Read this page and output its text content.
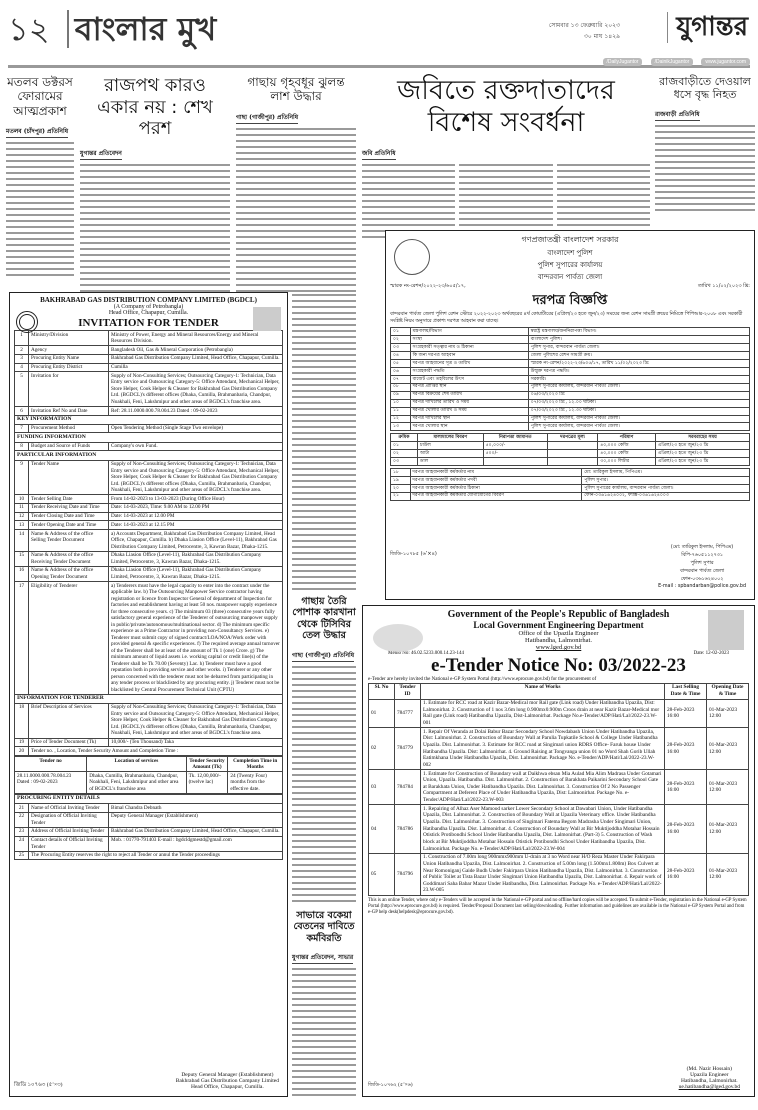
১২ বাংলার মুখ	সোমবার ১৩ ফেব্রুয়ারি ২০২৩
৩০ মাঘ ১৪২৯	যুগান্তর
/DailyJugantor	/DainikJugantor	www.jugantor.com
মতলব ডক্টরস ফোরামের আত্মপ্রকাশ
মতলব (চাঁদপুর) প্রতিনিধি
রাজপথ কারও একার নয় : শেখ পরশ
যুগান্তর প্রতিবেদন
গাছায় গৃহবধূর ঝুলন্ত লাশ উদ্ধার
গাছা (গাজীপুর) প্রতিনিধি
গাছায় তৈরি পোশাক কারখানা থেকে টিসিবির তেল উদ্ধার
গাছা (গাজীপুর) প্রতিনিধি
সাভারে বকেয়া বেতনের দাবিতে কর্মবিরতি
যুগান্তর প্রতিবেদন, সাভার
জবিতে রক্তদাতাদের বিশেষ সংবর্ধনা
জবি প্রতিনিধি
রাজবাড়ীতে দেওয়াল ধসে বৃদ্ধ নিহত
রাজবাড়ী প্রতিনিধি
BAKHRABAD GAS DISTRIBUTION COMPANY LIMITED (BGDCL)
(A Company of Petrobangla)
Head Office, Chapapur, Cumilla.
INVITATION FOR TENDER
1	Ministry/Division	Ministry of Power, Energy and Mineral Resources/Energy and Mineral Resources Division.
2	Agency	Bangladesh Oil, Gas & Mineral Corporation (Petrobangla)
3	Procuring Entity Name	Bakhrabad Gas Distribution Company Limited, Head Office, Chapapur, Cumilla.
4	Procuring Entity District	Cumilla
5	Invitation for	Supply of Non-Consulting Services; Outsourcing Category-1: Technician, Data Entry service and Outsourcing Category-5: Office Attendant, Mechanical Helper, Store Helper, Cook Helper & Cleaner for Bakhrabad Gas Distribution Company Ltd. (BGDCL)'s different offices (Dhaka, Cumilla, Brahmanbaria, Chandpur, Noakhali, Feni, Lakshmipur and other areas of BGDCL's franchise area.
6	Invitation Ref No and Date	Ref: 28.11.0000.000.78.004.23 Dated : 09-02-2023
KEY INFORMATION		
7	Procurement Method	Open Tendering Method (Single Stage Two envelope)
FUNDING INFORMATION		
8	Budget and Source of Funds	Company's own Fund.
PARTICULAR INFORMATION		
9	Tender Name	Supply of Non-Consulting Services; Outsourcing Category-1: Technician, Data Entry service and Outsourcing Category-5: Office Attendant, Mechanical Helper, Store Helper, Cook Helper & Cleaner for Bakhrabad Gas Distribution Company Ltd. (BGDCL)'s different offices (Dhaka, Cumilla, Brahmanbaria, Chandpur, Noakhali, Feni, Lakshmipur and other areas of BGDCL's franchise area.
10	Tender Selling Date	From 14-02-2023 to 13-03-2023 (During Office Hour)
11	Tender Receiving Date and Time	Date: 14-03-2023, Time: 9.00 AM to 12.00 PM
12	Tender Closing Date and Time	Date: 14-03-2023 at 12.00 PM
13	Tender Opening Date and Time	Date: 14-03-2023 at 12.15 PM
14	Name & Address of the office Selling Tender Document	a) Accounts Department, Bakhrabad Gas Distribution Company Limited, Head Office, Chapapur, Cumilla. b) Dhaka Liasion Office (Level-11), Bakhrabad Gas Distribution Company Limited, Petrocentre, 3, Kawran Bazar, Dhaka-1215.
15	Name & Address of the office Receiving Tender Document	Dhaka Liasion Office (Level-11), Bakhrabad Gas Distribution Company Limited, Petrocentre, 3, Kawran Bazar, Dhaka-1215.
16	Name & Address of the office Opening Tender Document	Dhaka Liasion Office (Level-11), Bakhrabad Gas Distribution Company Limited, Petrocentre, 3, Kawran Bazar, Dhaka-1215.
17	Eligibility of Tenderer	a) Tenderers must have the legal capacity to enter into the contract under the applicable law. b) The Outsourcing Manpower Service contractor having registration or licence from Inspector General of department of Inspection for factories and establishment having at least 50 nos. manpower supply experience for three consecutive years. c) The minimum 03 (three) consecutive years fully satisfactory general experience of the Tenderer of outsourcing manpower supply in public/private/autonomous/multinational sector. d) The minimum specific experience as a Prime Contractor in providing non-Consultancy Services. e) Tenderer must submit copy of signed contract/LOA/NOA/Work order with provided general & specific experiences. f) The required average annual turnover of the Tenderer shall be at least of the amount of Tk 1 (one) Crore. g) The minimum amount of liquid assets i.e. working capital or credit line(s) of the Tenderer shall be Tk 70.00 (Seventy) Lac. h) Tenderer must have a good reputation both in providing service and other works. i) Tenderer or any other person concerned with the tenderer must not be debarred from participating in any tender process or blacklisted by any procuring entity. j) Tenderer must not be blacklisted by Central Procurement Technical Unit (CPTU)
INFORMATION FOR TENDERER		
18	Brief Description of Services	Supply of Non-Consulting Services; Outsourcing Category-1: Technician, Data Entry service and Outsourcing Category-5: Office Attendant, Mechanical Helper, Store Helper, Cook Helper & Cleaner for Bakhrabad Gas Distribution Company Ltd. (BGDCL)'s different offices (Dhaka, Cumilla, Brahmanbaria, Chandpur, Noakhali, Feni, Lakshmipur and other areas of BGDCL's franchise area.
19	Price of Tender Document (Tk)	10,000/- (Ten Thousand) Taka
20	Tender no. , Location, Tender Security Amount and Completion Time :	
Tender no	Location of services	Tender Security Amount (Tk)	Completion Time in Months
28.11.0000.000.78.004.23 Dated : 09-02-2023	Dhaka, Cumilla, Brahmanbaria, Chandpur, Noakhali, Feni, Lakshmipur and other area of BGDCL's franchise area	Tk. 12,00,000/- (twelve lac)	24 (Twenty Four) months from the effective date.
PROCURING ENTITY DETAILS		
21	Name of Official Inviting Tender	Bimal Chandra Debnath
22	Designation of Official Inviting Tender	Deputy General Manager (Establishment)
23	Address of Official Inviting Tender	Bakhrabad Gas Distribution Company Limited, Head Office, Chapapur, Cumilla.
24	Contact details of Official Inviting Tender	Mob. : 01770-791403 E-mail : bgdcldgmestd@gmail.com
25	The Procuring Entity reserves the right to reject all Tender or annul the Tender proceedings	
Deputy General Manager (Establishment)
Bakhrabad Gas Distribution Company Limited
Head Office, Chapapur, Cumilla.
জিডি ১০৭৬৩ (৫’×৩)
গণপ্রজাতন্ত্রী বাংলাদেশ সরকার
বাংলাদেশ পুলিশ
পুলিশ সুপারের কার্যালয়
বান্দরবান পার্বত্য জেলা
স্মারক নং-রেশন/২০২২-২৩/৬০৫/১৭,	তারিখ ১১/০২/২০২৩ খ্রি:
দরপত্র বিজ্ঞপ্তি
বান্দরবান পার্বত্য জেলা পুলিশ রেশন স্টোরে ২০২২-২০২৩ অর্থবছরের ৪র্থ কোয়ার্টারের (এপ্রিল/২৩ হতে জুন/২৩) সময়ের জন্য রেশন সামগ্রী ক্রয়ের নিমিত্তে পিপিআর-২০০৮ এবং সরকারী সংশ্লিষ্ট নিয়ম অনুসারে প্রকাশ্য দরপত্র আহবান করা যাচ্ছে।
০১	মন্ত্রণালয়/বিভাগ	স্বরাষ্ট্র মন্ত্রণালয়/জননিরাপত্তা বিভাগ।
০২	সংস্থা	বাংলাদেশ পুলিশ।
০৩	সংগ্রহকারী সত্ত্বার নাম ও ঠিকানা	পুলিশ সুপার, বান্দরবান পার্বত্য জেলা।
০৪	কি জন্য দরপত্র আহবান	জেলা পুলিশের রেশন সামগ্রী ক্রয়।
০৫	দরপত্র আহবানের সূত্র ও তারিখ	স্মারক নং-রেশন/২০২২-২৩/৬০৫/১৭, তারিখ ১১/০২/২০২৩ খ্রি:
০৬	সংগ্রহকারী পদ্ধতি	উন্মুক্ত দরপত্র পদ্ধতি।
০৭	বাজেট এবং তহবিলের উৎস	সরকারি।
০৮	দরপত্র প্রাপ্তির স্থান	পুলিশ সুপারের কার্যালয়, বান্দরবান পার্বত্য জেলা।
০৯	দরপত্র বিক্রয়ের শেষ তারিখ	০৬/০৩/২০২৩ খ্রি:
১০	দরপত্র দাখিলের তারিখ ও সময়	০৭/০৩/২০২৩ খ্রি:, ১২.০০ ঘটিকা।
১১	দরপত্র খোলার তারিখ ও সময়	০৭/০৩/২০২৩ খ্রি:, ১২.৩০ ঘটিকা।
১২	দরপত্র দাখিলের স্থান	পুলিশ সুপারের কার্যালয়, বান্দরবান পার্বত্য জেলা।
১৩	দরপত্র খোলার স্থান	পুলিশ সুপারের কার্যালয়, বান্দরবান পার্বত্য জেলা।
ক্রমিক	মালামালের বিবরণ	নিরাপত্তা জামানত	দরপত্রের মূল্য	পরিমাণ	সরবরাহের সময়
০১	চাউল	৫০,০০০/-		৪০,০০০ কেজি	এপ্রিল/২৩ হতে জুন/২৩ খ্রি
০২	আটা	৫০০/-		৪০,০০০ কেজি	এপ্রিল/২৩ হতে জুন/২৩ খ্রি
০৩	ডাল			৩০,০০০ লিটার	এপ্রিল/২৩ হতে জুন/২৩ খ্রি
১৮	দরপত্র আহবানকারী কর্মকর্তার নাম	মো: তারিকুল ইসলাম, পিপিএম।
১৯	দরপত্র আহবানকারী কর্মকর্তার পদবী	পুলিশ সুপার।
২০	দরপত্র আহবানকারী কর্মকর্তার ঠিকানা	পুলিশ সুপারের কার্যালয়, বান্দরবান পার্বত্য জেলা।
২১	দরপত্র আহবানকারী কর্মকর্তার যোগাযোগের বিবরণ	ফোন-০৩৬১৬২৪০০২, ফ্যাক্স-০৩৬১৬২৪০০৩
(মো: তারিকুল ইসলাম, পিপিএম)
বিপি-৭৬০৫১১২৭৩১
পুলিশ সুপার
বান্দরবান পার্বত্য জেলা
ফোন-০৩৬১৬২৪০০২
E-mail : spbandarban@police.gov.bd
জিডি-১০৭৮৫ (৬’×৪)
Government of the People's Republic of Bangladesh
Local Government Engineering Department
Office of the Upazila Engineer
Hatibandha, Lalmonirhat.
www.lged.gov.bd
Memo No: 46.02.5233.000.14.23-144	Date: 12-02-2023
e-Tender Notice No: 03/2022-23
e-Tender are hereby invited the National e-GP System Portal (http://www.eprocure.gov.bd) for the procurement of
Sl. No	Tender ID	Name of Works	Last Selling Date & Time	Opening Date & Time
01	784777	1. Estimate for RCC road at Kazir Bazar-Medical mor Rail gate (Link road) Under Hatibandha Upazila, Dist: Lalmonirhat. 2. Construction of 1 nos 3.6m long 0.900mx0.900m Croos drain at near Kazir Bazar-Medical mor Rail gate (Link road) Hatibandha Upazila, Dist-Lalmonirhat. Package No.e-Tender/ADP/Hati/Lal/2022-23.W-001	28-Feb-2023 16:00	01-Mar-2023 12:00
02	784779	1. Repair Of Veranda at Dolai Babur Bazar Secondary School Nowdabash Union Under Hatibandha Upazila, Dist: Lalmonirhat. 2. Construction of Boundary Wall at Parulia Tupkatile School & College Under Hatibandha Upazila. Dist. Lalmonirhat. 3. Estimate for RCC road at Singimari union RDRS Office- Faruk house Under Hatibandha Upazila. Dist: Lalmonirhat. 4. Ground Raising at Tongvanga union 01 no Word Shah Gorib Ullah Eatimkhana Under Hatibandha Upazila, Dist. Lalmonirhat. Package No. e-Tender/ADP/Hati/Lal/2022-23.W-002	28-Feb-2023 16:00	01-Mar-2023 12:00
03	784784	1. Estimate for Construction of Boundary wall at Daikhwa ebsan Mia Aulad Mia Alim Madrasa Under Gotamari Union, Upazila. Hatibandha. Dist. Lalmonirhat. 2. Construction of Barakhata Paikarini Secondary School Gate at Barakhata Union, Under Hatibandha Upazila. Dist. Lalmonirhat. 3. Construction Of 2 No Passenger Compartment at Deferent Place of Under Hatibandha Upazila, Dist: Lalmonirhat. Package No. e-Tender/ADP/Hati/Lal/2022-23.W-003	28-Feb-2023 16:00	01-Mar-2023 12:00
04	784786	1. Repairing of Alhaz Aser Mamood sarker Lower Secondary School at Dawabari Union, Under Hatibandha Upazila, Dist. Lalmonirhat. 2. Construction of Boundary Wall at Upazila Veterinary office. Under Hatibandha Upazila. Dist. Lalmonirhat. 3. Construction of Singimari Fatema Begom Madrasha Under Singimari Union, Hatibandha Upazila. Dist. Lalmonirhat. 4. Construction of Boundary Wall at Bir Muktijoddha Motahar Hossain Otistick Protibondhi School Under Hatibandha Upazila, Dist. Lalmonirhat. (Part-3) 5. Construction of Wash block at Bir Muktijoddha Motahar Hossain Otistick Protibondhi School Under Hatibandha Upazila, Dist. Lalmonirhat. Package No. e-Tender/ADP/Hati/Lal/2022-23.W-004	28-Feb-2023 16:00	01-Mar-2023 12:00
05	784796	1. Construction of 7.00m long 900mmx900mm U-drain at 3 no Word near H/O Reza Master Under Fakirpara Union Hatibandha Upazila, Dist. Lalmonirhat. 2. Construction of 5.00m long (1.500mx1.800m) Box Culvert at Near Romoniganj Gaide Budh Under Fakirpara Union Hatibandha Upazila, Dist. Lalmonirhat. 3. Construction of Public Toilet at Tista Bazar Under Singimari Union Hatibandha Upazila, Dist. Lalmonirhat. 4. Repair work of Goddimari Saha Babar Mazar Under Hatibandha, Dist. Lalmonirhat. Package No. e-Tender/ADP/Hati/Lal/2022-23.W-005	28-Feb-2023 16:00	01-Mar-2023 12:00
This is an online Tender, where only e-Tenders will be accepted in the National e-GP portal and no offline/hard copies will be accepted. To submit e-Tender, registration in the National e-GP System Portal (http://www.eprocure.gov.bd) is required. Tender/Proposal Document last selling/downloading. Further information and guidelines are available in the National e-GP System Portal and from e-GP help desk(helpdesk@eprocure.gov.bd).
(Md. Nazir Hossain)
Upazila Engineer
Hatibandha, Lalmonirhat.
ue.hatibandha@lged.gov.bd
জিডি-১০৭৬২ (৫’×৬)
